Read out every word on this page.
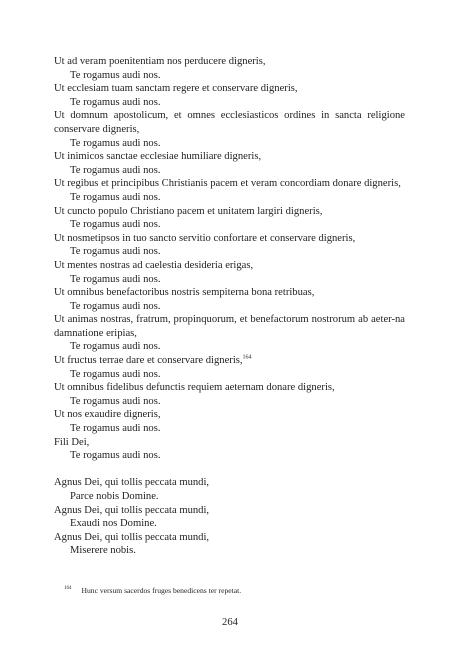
Ut ad veram poenitentiam nos perducere digneris,
Te rogamus audi nos.
Ut ecclesiam tuam sanctam regere et conservare digneris,
Te rogamus audi nos.
Ut domnum apostolicum, et omnes ecclesiasticos ordines in sancta religione conservare digneris,
Te rogamus audi nos.
Ut inimicos sanctae ecclesiae humiliare digneris,
Te rogamus audi nos.
Ut regibus et principibus Christianis pacem et veram concordiam donare digneris,
Te rogamus audi nos.
Ut cuncto populo Christiano pacem et unitatem largiri digneris,
Te rogamus audi nos.
Ut nosmetipsos in tuo sancto servitio confortare et conservare digneris,
Te rogamus audi nos.
Ut mentes nostras ad caelestia desideria erigas,
Te rogamus audi nos.
Ut omnibus benefactoribus nostris sempiterna bona retribuas,
Te rogamus audi nos.
Ut animas nostras, fratrum, propinquorum, et benefactorum nostrorum ab aeter-na damnatione eripias,
Te rogamus audi nos.
Ut fructus terrae dare et conservare digneris,$^{164}$
Te rogamus audi nos.
Ut omnibus fidelibus defunctis requiem aeternam donare digneris,
Te rogamus audi nos.
Ut nos exaudire digneris,
Te rogamus audi nos.
Fili Dei,
Te rogamus audi nos.
Agnus Dei, qui tollis peccata mundi,
Parce nobis Domine.
Agnus Dei, qui tollis peccata mundi,
Exaudi nos Domine.
Agnus Dei, qui tollis peccata mundi,
Miserere nobis.
$^{164}$ Hunc versum sacerdos fruges benedicens ter repetat.
264
